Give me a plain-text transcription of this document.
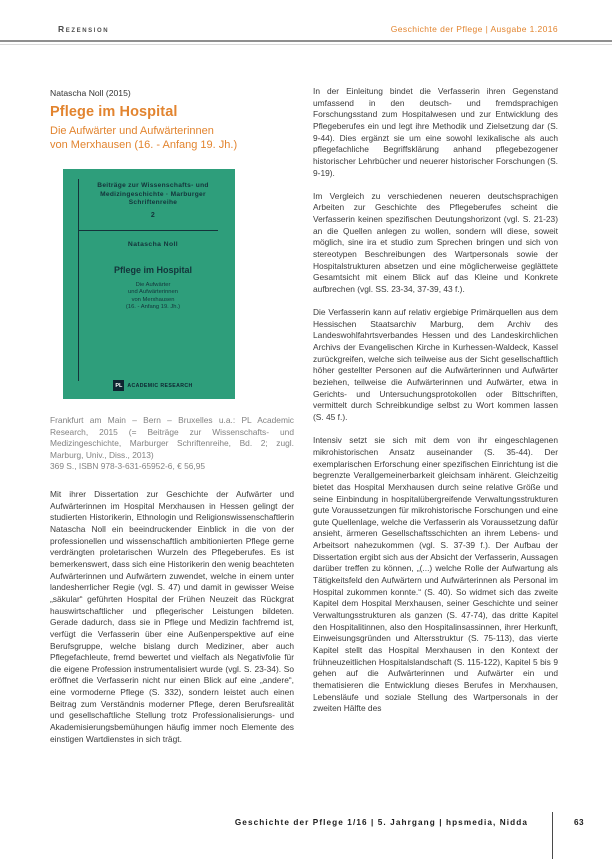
Rezension	Geschichte der Pflege | Ausgabe 1.2016
Natascha Noll (2015)
Pflege im Hospital
Die Aufwärter und Aufwärterinnen
von Merxhausen (16. - Anfang 19. Jh.)
Beiträge zur Wissenschafts- und
Medizingeschichte · Marburger
Schriftenreihe
2
Natascha Noll
Pflege im Hospital
Die Aufwärter
und Aufwärterinnen
von Merxhausen
(16. - Anfang 19. Jh.)
PL ACADEMIC RESEARCH
Frankfurt am Main – Bern – Bruxelles u.a.: PL Academic Research, 2015 (= Beiträge zur Wissenschafts- und Medizingeschichte, Marburger Schriftenreihe, Bd. 2; zugl. Marburg, Univ., Diss., 2013)
369 S., ISBN 978-3-631-65952-6, € 56,95

Mit ihrer Dissertation zur Geschichte der Aufwärter und Aufwärterinnen im Hospital Merxhausen in Hessen gelingt der studierten Historikerin, Ethnologin und Religionswissenschaftlerin Natascha Noll ein beeindruckender Einblick in die von der professionellen und wissenschaftlich ambitionierten Pflege gerne verdrängten proletarischen Wurzeln des Pflegeberufes. Es ist bemerkenswert, dass sich eine Historikerin den wenig beachteten Aufwärterinnen und Aufwärtern zuwendet, welche in einem unter landesherrlicher Regie (vgl. S. 47) und damit in gewisser Weise „säkular“ geführten Hospital der Frühen Neuzeit das Rückgrat hauswirtschaftlicher und pflegerischer Leistungen bildeten. Gerade dadurch, dass sie in Pflege und Medizin fachfremd ist, verfügt die Verfasserin über eine Außenperspektive auf eine Berufsgruppe, welche bislang durch Mediziner, aber auch Pflegefachleute, fremd bewertet und vielfach als Negativfolie für die eigene Profession instrumentalisiert wurde (vgl. S. 23-34). So eröffnet die Verfasserin nicht nur einen Blick auf eine „andere“, eine vormoderne Pflege (S. 332), sondern leistet auch einen Beitrag zum Verständnis moderner Pflege, deren Berufsrealität und gesellschaftliche Stellung trotz Professionalisierungs- und Akademisierungsbemühungen häufig immer noch Elemente des einstigen Wartdienstes in sich trägt.

In der Einleitung bindet die Verfasserin ihren Gegenstand umfassend in den deutsch- und fremdsprachigen Forschungsstand zum Hospitalwesen und zur Entwicklung des Pflegeberufes ein und legt ihre Methodik und Zielsetzung dar (S. 9-44). Dies ergänzt sie um eine sowohl lexikalische als auch pflegefachliche Begriffsklärung anhand pflegebezogener historischer Lehrbücher und neuerer historischer Forschungen (S. 9-19).

Im Vergleich zu verschiedenen neueren deutschsprachigen Arbeiten zur Geschichte des Pflegeberufes scheint die Verfasserin keinen spezifischen Deutungshorizont (vgl. S. 21-23) an die Quellen anlegen zu wollen, sondern will diese, soweit möglich, sine ira et studio zum Sprechen bringen und sich von stereotypen Beschreibungen des Wartpersonals sowie der Hospitalstrukturen absetzen und eine möglicherweise geglättete Gesamtsicht mit einem Blick auf das Kleine und Konkrete aufbrechen (vgl. SS. 23-34, 37-39, 43 f.).

Die Verfasserin kann auf relativ ergiebige Primärquellen aus dem Hessischen Staatsarchiv Marburg, dem Archiv des Landeswohlfahrtsverbandes Hessen und des Landeskirchlichen Archivs der Evangelischen Kirche in Kurhessen-Waldeck, Kassel zurückgreifen, welche sich teilweise aus der Sicht gesellschaftlich höher gestellter Personen auf die Aufwärterinnen und Aufwärter beziehen, teilweise die Aufwärterinnen und Aufwärter, etwa in Gerichts- und Untersuchungsprotokollen oder Bittschriften, vermittelt durch Schreibkundige selbst zu Wort kommen lassen (S. 45 f.).

Intensiv setzt sie sich mit dem von ihr eingeschlagenen mikrohistorischen Ansatz auseinander (S. 35-44). Der exemplarischen Erforschung einer spezifischen Einrichtung ist die begrenzte Verallgemeinerbarkeit gleichsam inhärent. Gleichzeitig bietet das Hospital Merxhausen durch seine relative Größe und seine Einbindung in hospitalübergreifende Verwaltungsstrukturen gute Voraussetzungen für mikrohistorische Forschungen und eine gute Quellenlage, welche die Verfasserin als Voraussetzung dafür ansieht, ärmeren Gesellschaftsschichten an ihrem Lebens- und Arbeitsort nahezukommen (vgl. S. 37-39 f.). Der Aufbau der Dissertation ergibt sich aus der Absicht der Verfasserin, Aussagen darüber treffen zu können, „(...) welche Rolle der Aufwartung als Tätigkeitsfeld den Aufwärtern und Aufwärterinnen als Personal im Hospital zukommen konnte.“ (S. 40). So widmet sich das zweite Kapitel dem Hospital Merxhausen, seiner Geschichte und seiner Verwaltungsstrukturen als ganzen (S. 47-74), das dritte Kapitel den Hospitalitinnen, also den Hospitalinsassinnen, ihrer Herkunft, Einweisungsgründen und Altersstruktur (S. 75-113), das vierte Kapitel stellt das Hospital Merxhausen in den Kontext der frühneuzeitlichen Hospitalslandschaft (S. 115-122), Kapitel 5 bis 9 gehen auf die Aufwärterinnen und Aufwärter ein und thematisieren die Entwicklung dieses Berufes in Merxhausen, Lebensläufe und soziale Stellung des Wartpersonals in der zweiten Hälfte des

Geschichte der Pflege 1/16 | 5. Jahrgang | hpsmedia, Nidda	63
